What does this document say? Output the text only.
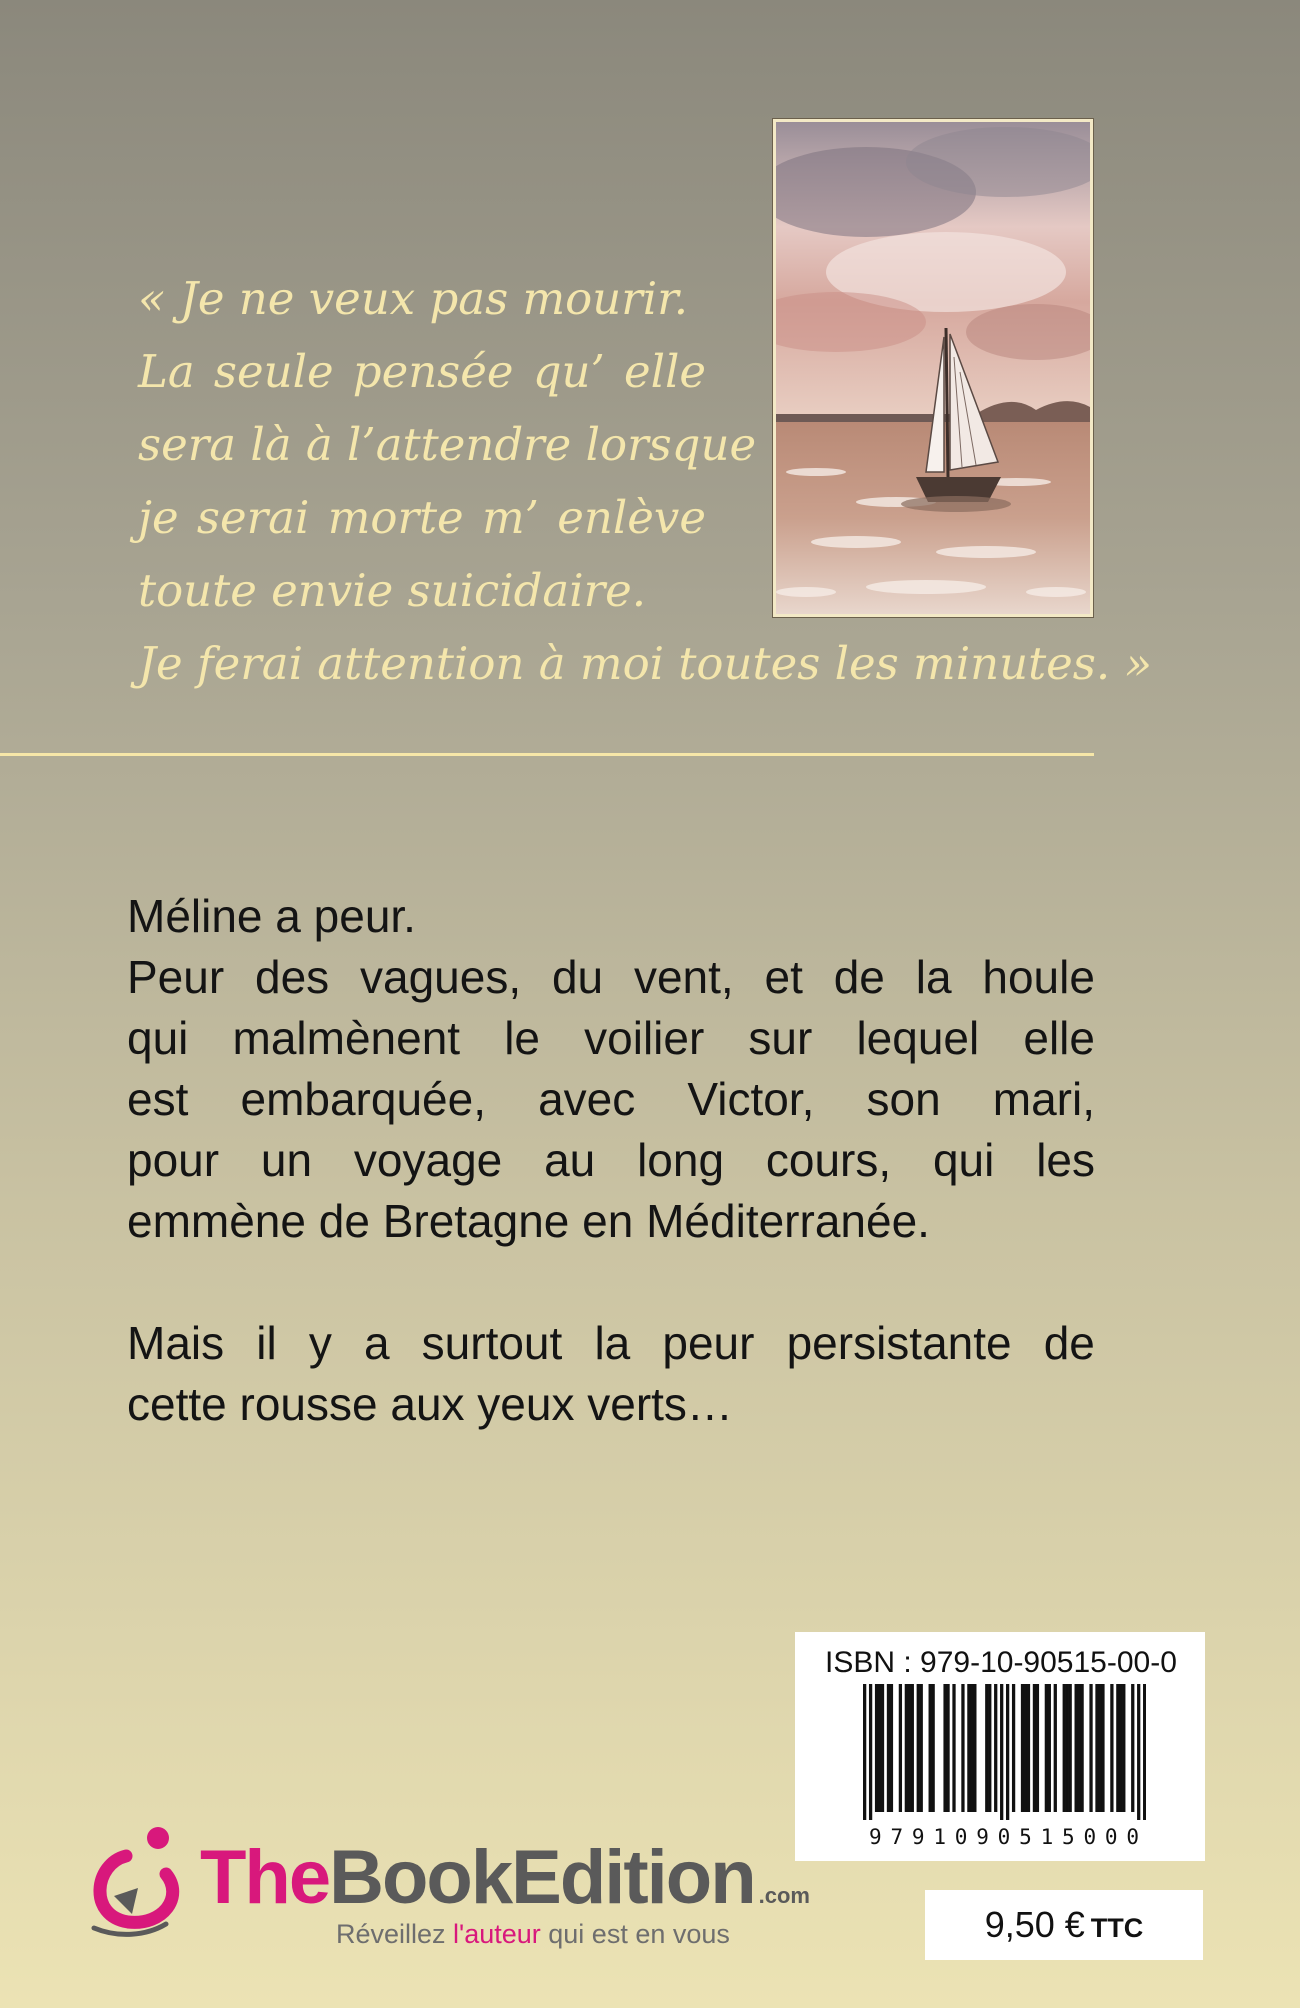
« Je ne veux pas mourir.
La seule pensée qu’ elle
sera là à l’attendre lorsque
je serai morte m’ enlève
toute envie suicidaire.
Je ferai attention à moi toutes les minutes. »
Méline a peur.
Peur des vagues, du vent, et de la houle
qui malmènent le voilier sur lequel elle
est embarquée, avec Victor, son mari,
pour un voyage au long cours, qui les
emmène de Bretagne en Méditerranée.
Mais il y a surtout la peur persistante de
cette rousse aux yeux verts…
ISBN : 979-10-90515-00-0
9791090515000
9,50 € TTC
TheBookEdition .com
Réveillez l'auteur qui est en vous
